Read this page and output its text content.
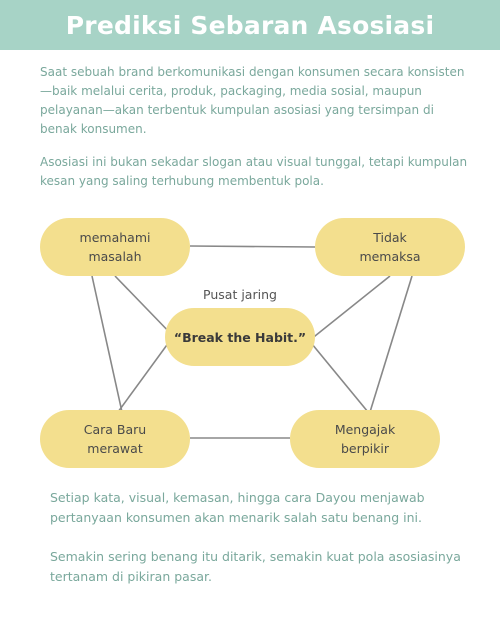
Prediksi Sebaran Asosiasi

Saat sebuah brand berkomunikasi dengan konsumen secara konsisten—baik melalui cerita, produk, packaging, media sosial, maupun pelayanan—akan terbentuk kumpulan asosiasi yang tersimpan di benak konsumen.

Asosiasi ini bukan sekadar slogan atau visual tunggal, tetapi kumpulan kesan yang saling terhubung membentuk pola.

memahami
masalah
Tidak
memaksa
Pusat jaring
“Break the Habit.”
Cara Baru
merawat
Mengajak
berpikir

Setiap kata, visual, kemasan, hingga cara Dayou menjawab pertanyaan konsumen akan menarik salah satu benang ini.

Semakin sering benang itu ditarik, semakin kuat pola asosiasinya tertanam di pikiran pasar.
